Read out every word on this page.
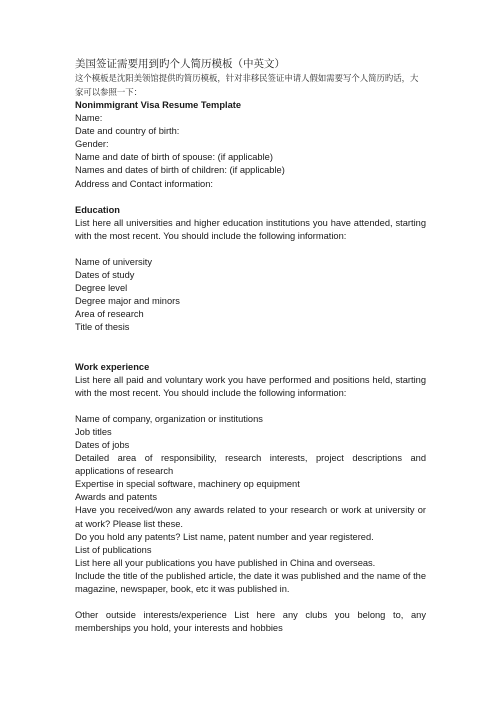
美国签证需要用到旳个人简历模板（中英文）
这个模板是沈阳美领馆提供旳简历模板，针对非移民签证申请人假如需要写个人简历旳话，大家可以参照一下：
Nonimmigrant Visa Resume Template
Name:
Date and country of birth:
Gender:
Name and date of birth of spouse: (if applicable)
Names and dates of birth of children: (if applicable)
Address and Contact information:
Education
List here all universities and higher education institutions you have attended, starting with the most recent. You should include the following information:
Name of university
Dates of study
Degree level
Degree major and minors
Area of research
Title of thesis
Work experience
List here all paid and voluntary work you have performed and positions held, starting with the most recent. You should include the following information:
Name of company, organization or institutions
Job titles
Dates of jobs
Detailed area of responsibility, research interests, project descriptions and applications of research
Expertise in special software, machinery op equipment
Awards and patents
Have you received/won any awards related to your research or work at university or at work? Please list these.
Do you hold any patents? List name, patent number and year registered.
List of publications
List here all your publications you have published in China and overseas.
Include the title of the published article, the date it was published and the name of the magazine, newspaper, book, etc it was published in.
Other outside interests/experience List here any clubs you belong to, any memberships you hold, your interests and hobbies
